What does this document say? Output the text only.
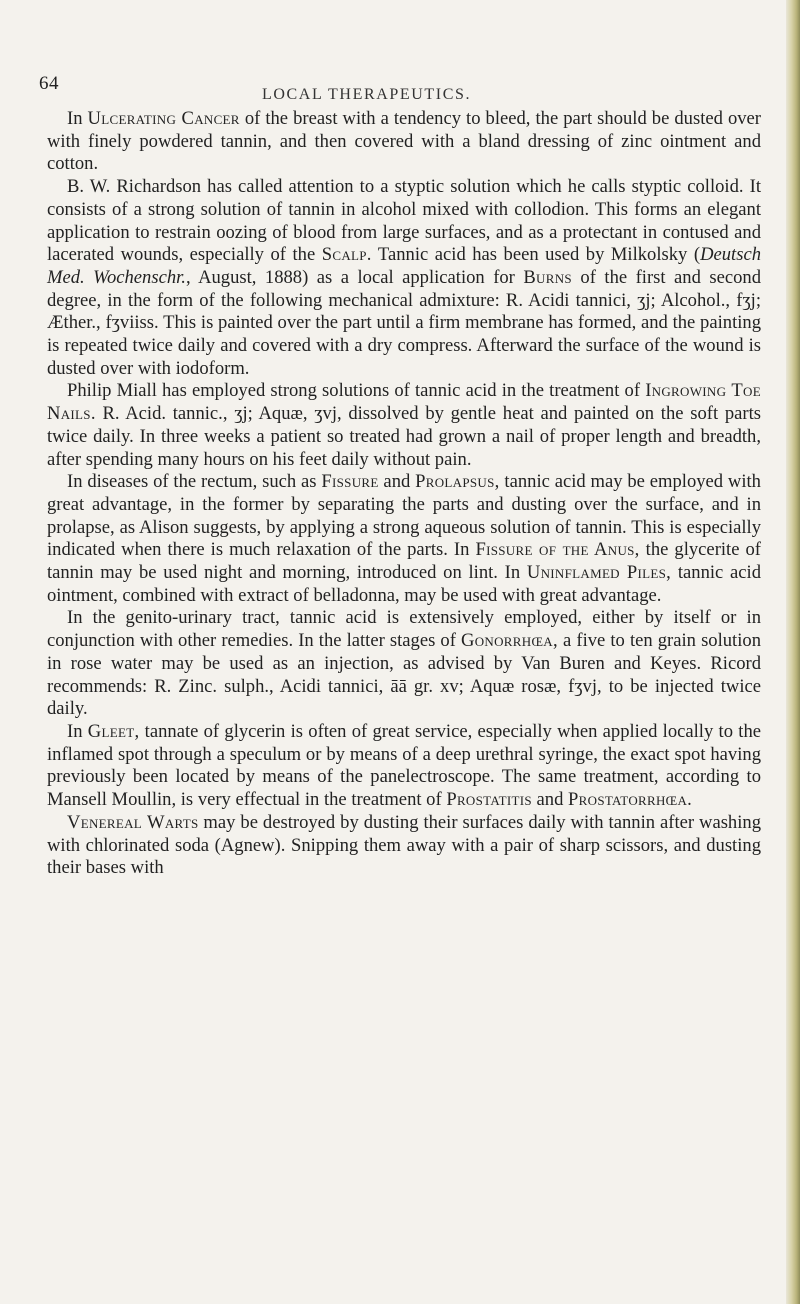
64
LOCAL THERAPEUTICS.

In Ulcerating Cancer of the breast with a tendency to bleed, the part should be dusted over with finely powdered tannin, and then covered with a bland dressing of zinc ointment and cotton.

B. W. Richardson has called attention to a styptic solution which he calls styptic colloid. It consists of a strong solution of tannin in alcohol mixed with collodion. This forms an elegant application to restrain oozing of blood from large surfaces, and as a protectant in contused and lacerated wounds, especially of the Scalp. Tannic acid has been used by Milkolsky (Deutsch Med. Wochenschr., August, 1888) as a local application for Burns of the first and second degree, in the form of the following mechanical admixture: R. Acidi tannici, ʒj; Alcohol., fʒj; Æther., fʒviiss. This is painted over the part until a firm membrane has formed, and the painting is repeated twice daily and covered with a dry compress. Afterward the surface of the wound is dusted over with iodoform.

Philip Miall has employed strong solutions of tannic acid in the treatment of Ingrowing Toe Nails. R. Acid. tannic., ʒj; Aquæ, ʒvj, dissolved by gentle heat and painted on the soft parts twice daily. In three weeks a patient so treated had grown a nail of proper length and breadth, after spending many hours on his feet daily without pain.

In diseases of the rectum, such as Fissure and Prolapsus, tannic acid may be employed with great advantage, in the former by separating the parts and dusting over the surface, and in prolapse, as Alison suggests, by applying a strong aqueous solution of tannin. This is especially indicated when there is much relaxation of the parts. In Fissure of the Anus, the glycerite of tannin may be used night and morning, introduced on lint. In Uninflamed Piles, tannic acid ointment, combined with extract of belladonna, may be used with great advantage.

In the genito-urinary tract, tannic acid is extensively employed, either by itself or in conjunction with other remedies. In the latter stages of Gonorrhœa, a five to ten grain solution in rose water may be used as an injection, as advised by Van Buren and Keyes. Ricord recommends: R. Zinc. sulph., Acidi tannici, āā gr. xv; Aquæ rosæ, fʒvj, to be injected twice daily.

In Gleet, tannate of glycerin is often of great service, especially when applied locally to the inflamed spot through a speculum or by means of a deep urethral syringe, the exact spot having previously been located by means of the panelectroscope. The same treatment, according to Mansell Moullin, is very effectual in the treatment of Prostatitis and Prostatorrhœa.

Venereal Warts may be destroyed by dusting their surfaces daily with tannin after washing with chlorinated soda (Agnew). Snipping them away with a pair of sharp scissors, and dusting their bases with
